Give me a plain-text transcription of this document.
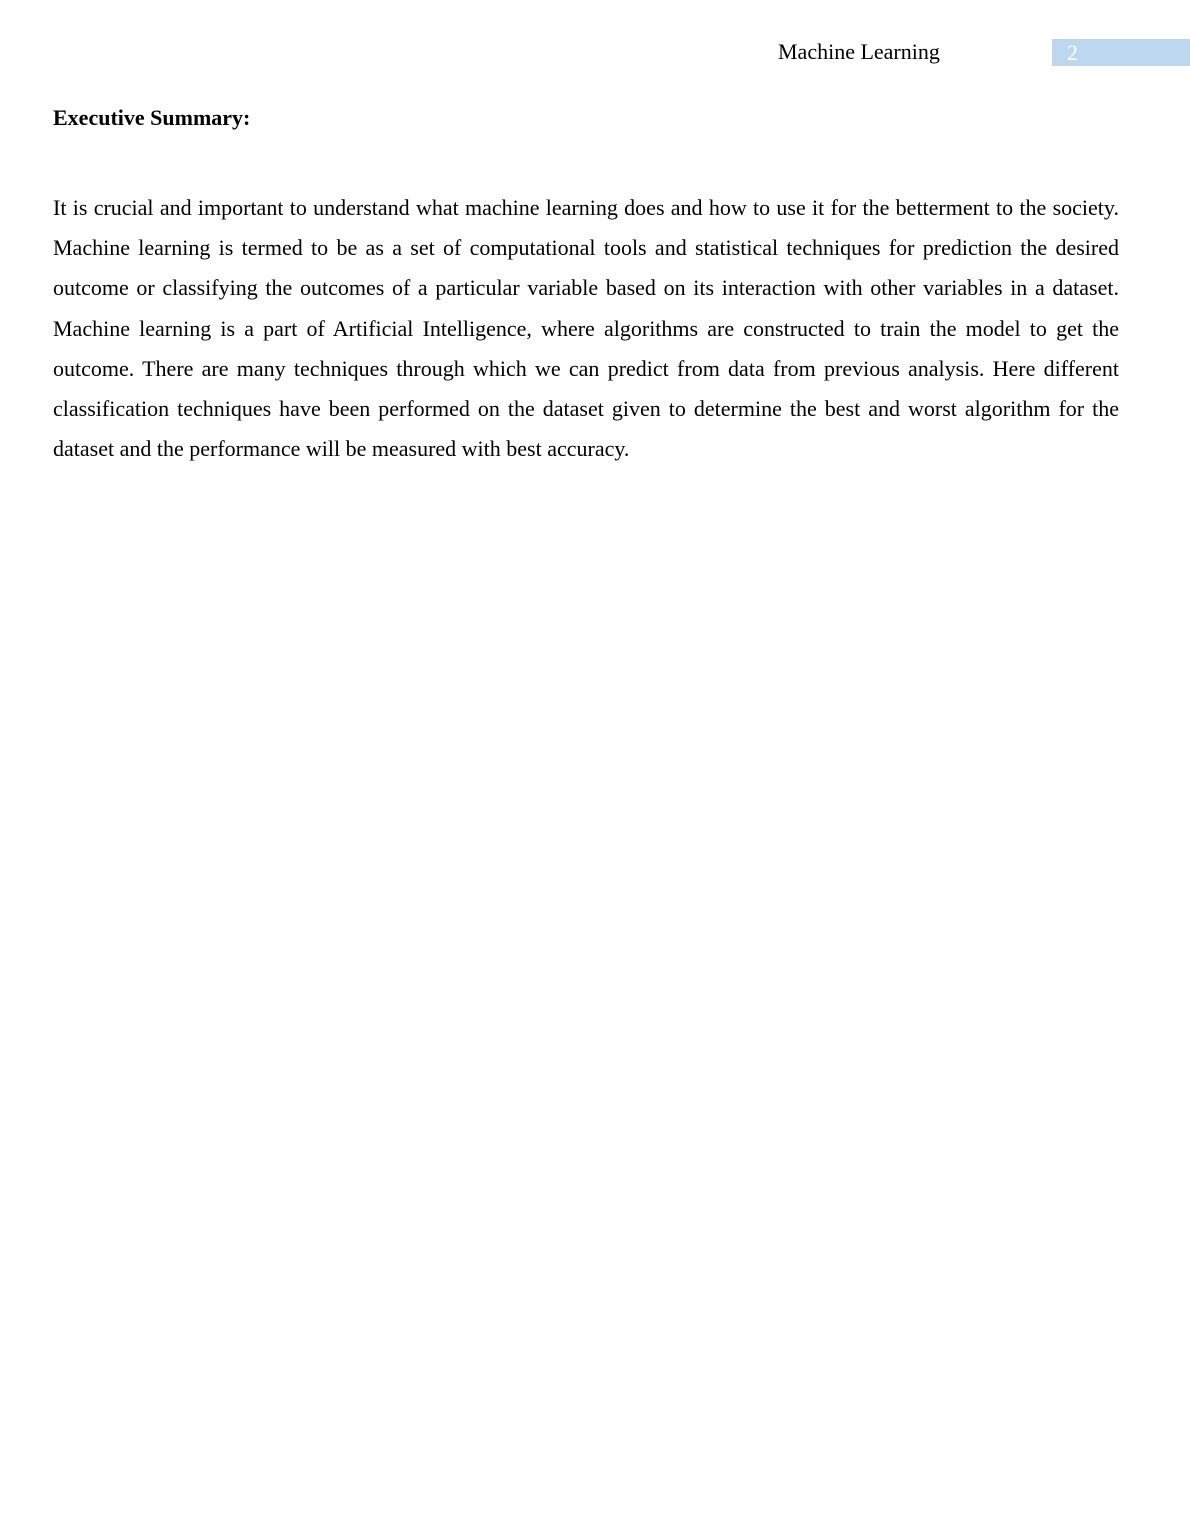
Machine Learning	2
Executive Summary:

It is crucial and important to understand what machine learning does and how to use it for the betterment to the society. Machine learning is termed to be as a set of computational tools and statistical techniques for prediction the desired outcome or classifying the outcomes of a particular variable based on its interaction with other variables in a dataset. Machine learning is a part of Artificial Intelligence, where algorithms are constructed to train the model to get the outcome. There are many techniques through which we can predict from data from previous analysis. Here different classification techniques have been performed on the dataset given to determine the best and worst algorithm for the dataset and the performance will be measured with best accuracy.
